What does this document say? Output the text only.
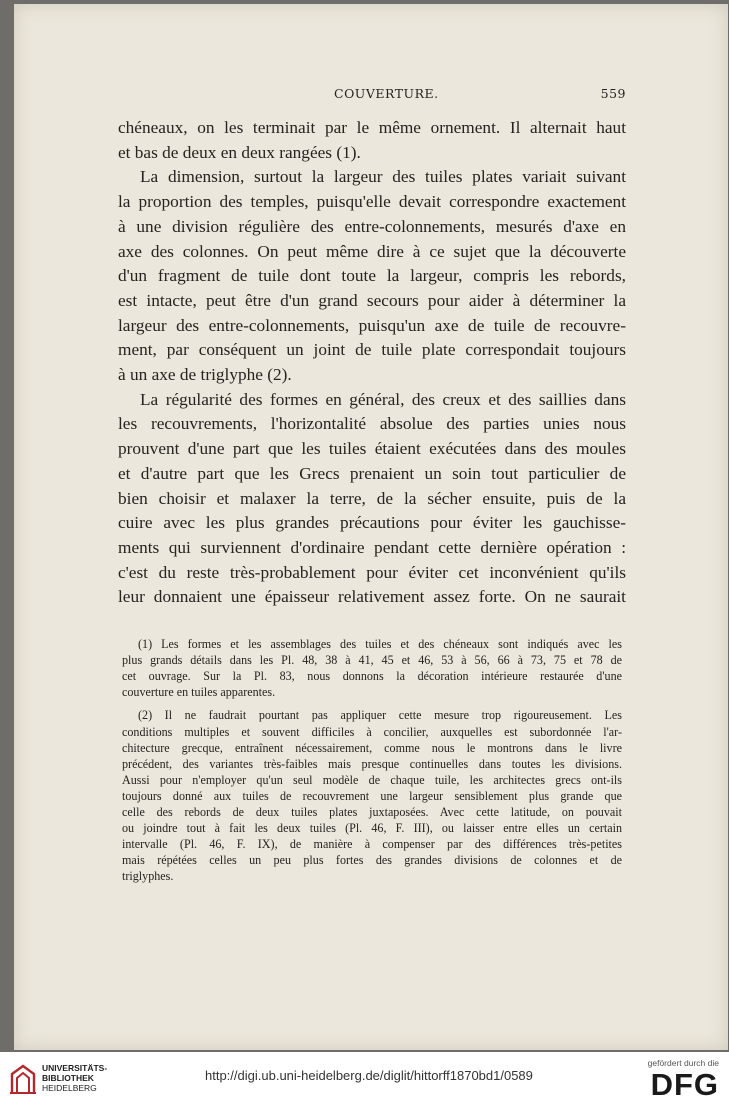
COUVERTURE.	559
chéneaux, on les terminait par le même ornement. Il alternait haut
et bas de deux en deux rangées (1).
La dimension, surtout la largeur des tuiles plates variait suivant
la proportion des temples, puisqu'elle devait correspondre exactement
à une division régulière des entre-colonnements, mesurés d'axe en
axe des colonnes. On peut même dire à ce sujet que la découverte
d'un fragment de tuile dont toute la largeur, compris les rebords,
est intacte, peut être d'un grand secours pour aider à déterminer la
largeur des entre-colonnements, puisqu'un axe de tuile de recouvre-
ment, par conséquent un joint de tuile plate correspondait toujours
à un axe de triglyphe (2).
La régularité des formes en général, des creux et des saillies dans
les recouvrements, l'horizontalité absolue des parties unies nous
prouvent d'une part que les tuiles étaient exécutées dans des moules
et d'autre part que les Grecs prenaient un soin tout particulier de
bien choisir et malaxer la terre, de la sécher ensuite, puis de la
cuire avec les plus grandes précautions pour éviter les gauchisse-
ments qui surviennent d'ordinaire pendant cette dernière opération :
c'est du reste très-probablement pour éviter cet inconvénient qu'ils
leur donnaient une épaisseur relativement assez forte. On ne saurait
(1) Les formes et les assemblages des tuiles et des chéneaux sont indiqués avec les
plus grands détails dans les Pl. 48, 38 à 41, 45 et 46, 53 à 56, 66 à 73, 75 et 78 de
cet ouvrage. Sur la Pl. 83, nous donnons la décoration intérieure restaurée d'une
couverture en tuiles apparentes.
(2) Il ne faudrait pourtant pas appliquer cette mesure trop rigoureusement. Les
conditions multiples et souvent difficiles à concilier, auxquelles est subordonnée l'ar-
chitecture grecque, entraînent nécessairement, comme nous le montrons dans le livre
précédent, des variantes très-faibles mais presque continuelles dans toutes les divisions.
Aussi pour n'employer qu'un seul modèle de chaque tuile, les architectes grecs ont-ils
toujours donné aux tuiles de recouvrement une largeur sensiblement plus grande que
celle des rebords de deux tuiles plates juxtaposées. Avec cette latitude, on pouvait
ou joindre tout à fait les deux tuiles (Pl. 46, F. III), ou laisser entre elles un certain
intervalle (Pl. 46, F. IX), de manière à compenser par des différences très-petites
mais répétées celles un peu plus fortes des grandes divisions de colonnes et de
triglyphes.
UNIVERSITÄTS-
BIBLIOTHEK
HEIDELBERG
http://digi.ub.uni-heidelberg.de/diglit/hittorff1870bd1/0589
gefördert durch die
DFG
